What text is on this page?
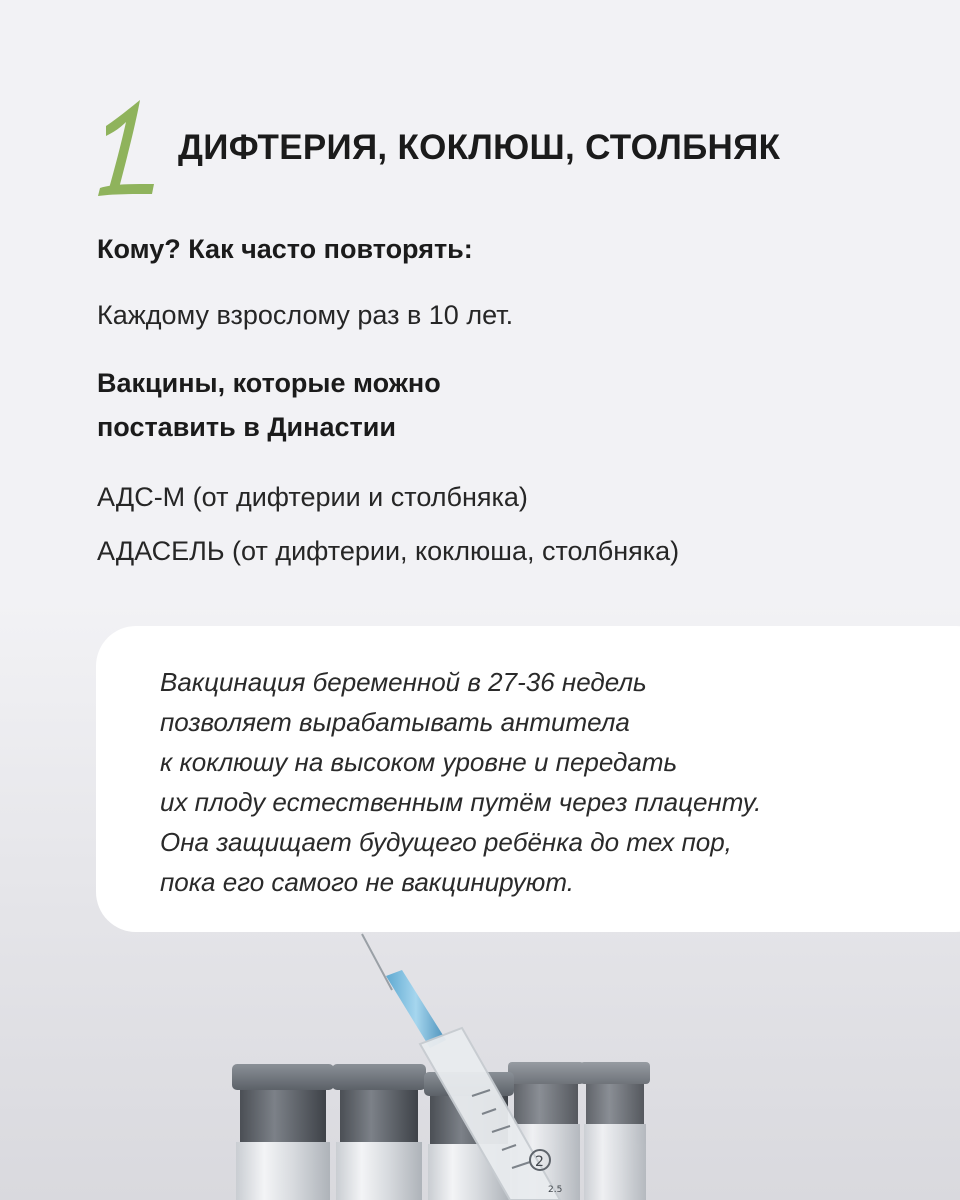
1
ДИФТЕРИЯ, КОКЛЮШ, СТОЛБНЯК
Кому? Как часто повторять:
Каждому взрослому раз в 10 лет.
Вакцины, которые можно
поставить в Династии
АДС-М (от дифтерии и столбняка)
АДАСЕЛЬ (от дифтерии, коклюша, столбняка)
Вакцинация беременной в 27-36 недель
позволяет вырабатывать антитела
к коклюшу на высоком уровне и передать
их плоду естественным путём через плаценту.
Она защищает будущего ребёнка до тех пор,
пока его самого не вакцинируют.
2
2.5
